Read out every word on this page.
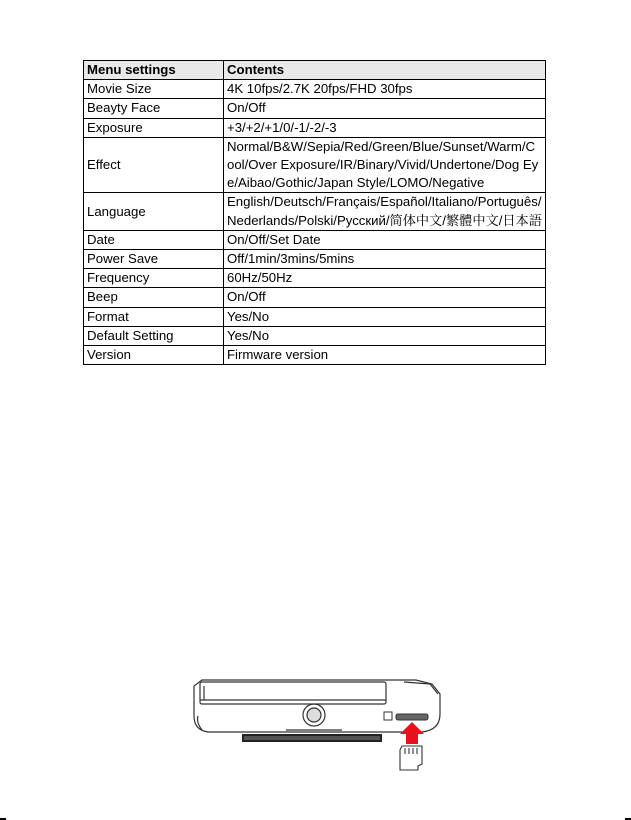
Menu settings	Contents
Movie Size	4K 10fps/2.7K 20fps/FHD 30fps
Beayty Face	On/Off
Exposure	+3/+2/+1/0/-1/-2/-3
Effect	Normal/B&W/Sepia/Red/Green/Blue/Sunset/Warm/Cool/Over Exposure/IR/Binary/Vivid/Undertone/Dog Eye/Aibao/Gothic/Japan Style/LOMO/Negative
Language	English/Deutsch/Français/Español/Italiano/Português/Nederlands/Polski/Русский/简体中文/繁體中文/日本語
Date	On/Off/Set Date
Power Save	Off/1min/3mins/5mins
Frequency	60Hz/50Hz
Beep	On/Off
Format	Yes/No
Default Setting	Yes/No
Version	Firmware version
